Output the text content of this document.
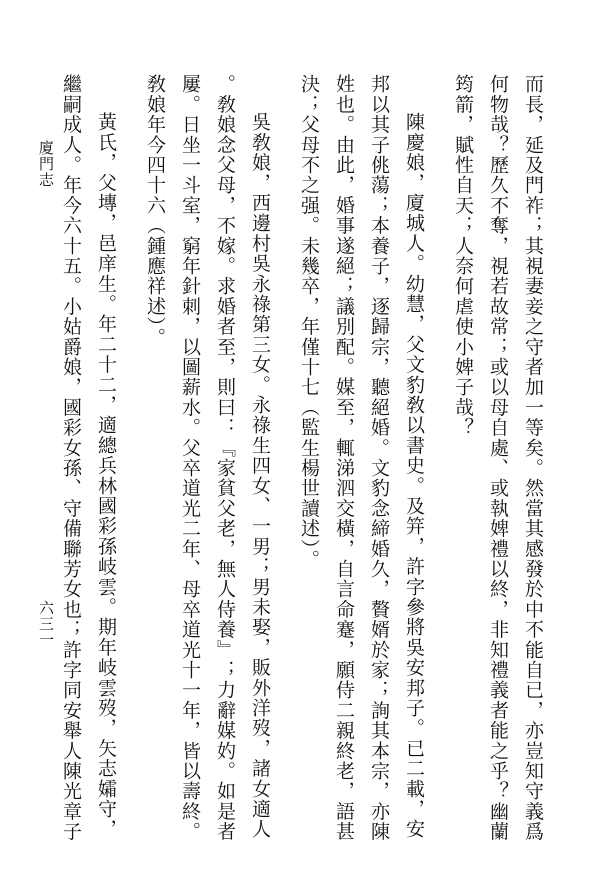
廈門志
六三一	而長，延及門祚；其視妻妾之守者加一等矣。然當其感發於中不能自已，亦豈知守義爲
何物哉？歷久不奪，視若故常；或以母自處、或執婢禮以終，非知禮義者能之乎？幽蘭
筠箭，賦性自天；人奈何虐使小婢子哉？
陳慶娘，廈城人。幼慧，父文豹敎以書史。及笄，許字參將吳安邦子。已二載，安
邦以其子佻蕩；本養子，逐歸宗，聽絕婚。文豹念締婚久，贅婿於家；詢其本宗，亦陳
姓也。由此，婚事遂絕；議別配。媒至，輒涕泗交橫，自言命蹇，願侍二親終老，語甚
決；父母不之强。未幾卒，年僅十七（監生楊世讀述）。
吳敎娘，西邊村吳永祿第三女。永祿生四女、一男；男未娶，販外洋歿，諸女適人
。敎娘念父母，不嫁。求婚者至，則曰：『家貧父老，無人侍養』；力辭媒妁。如是者
屢。日坐一斗室，窮年針刺，以圖薪水。父卒道光二年、母卒道光十一年，皆以壽終。
敎娘年今四十六（鍾應祥述）。
黃氏，父塼，邑庠生。年二十二，適總兵林國彩孫岐雲。期年岐雲歿，矢志孀守，
繼嗣成人。年今六十五。小姑爵娘，國彩女孫、守備聯芳女也；許字同安舉人陳光章子
